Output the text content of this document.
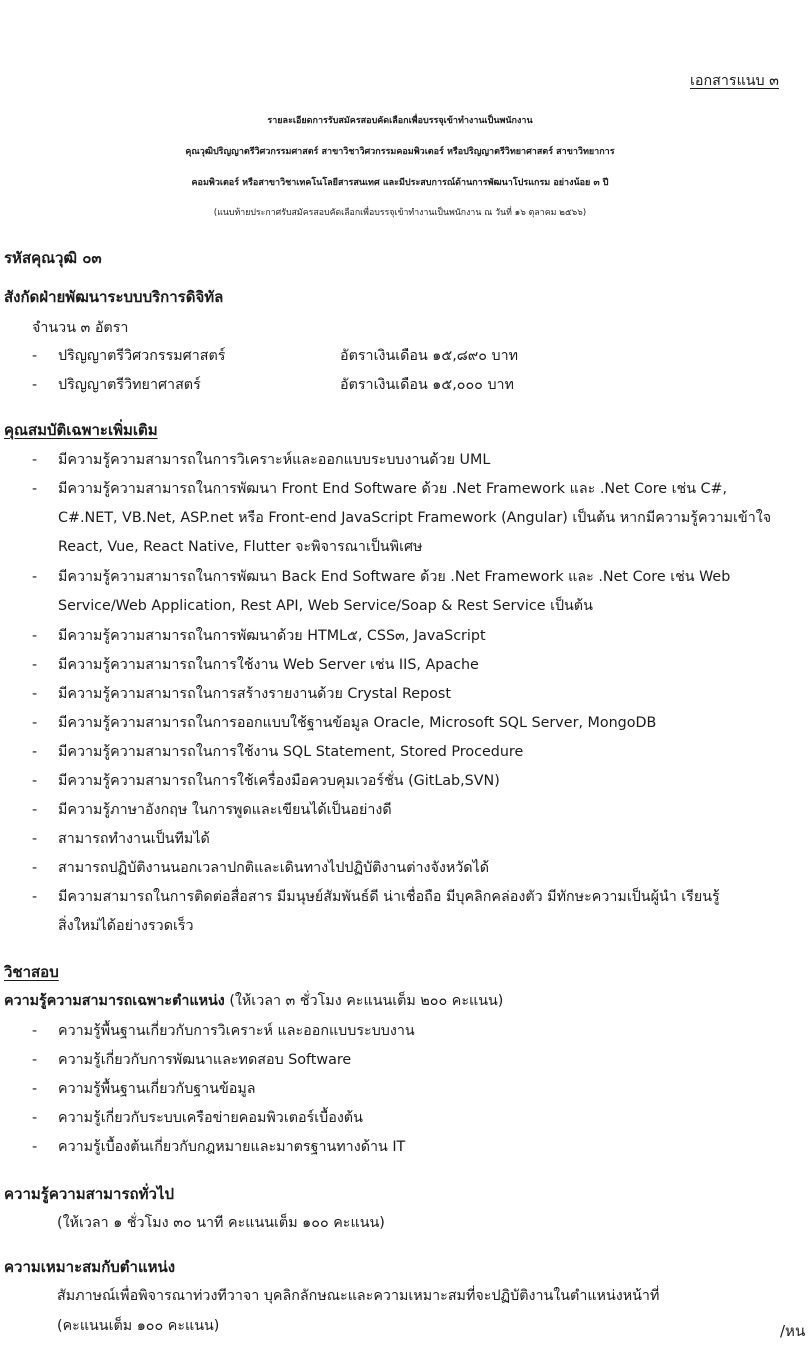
เอกสารแนบ ๓
รายละเอียดการรับสมัครสอบคัดเลือกเพื่อบรรจุเข้าทำงานเป็นพนักงาน
คุณวุฒิปริญญาตรีวิศวกรรมศาสตร์ สาขาวิชาวิศวกรรมคอมพิวเตอร์ หรือปริญญาตรีวิทยาศาสตร์ สาขาวิทยาการ
คอมพิวเตอร์ หรือสาขาวิชาเทคโนโลยีสารสนเทศ และมีประสบการณ์ด้านการพัฒนาโปรแกรม อย่างน้อย ๓ ปี
(แนบท้ายประกาศรับสมัครสอบคัดเลือกเพื่อบรรจุเข้าทำงานเป็นพนักงาน ณ วันที่ ๑๖ ตุลาคม ๒๕๖๖)
รหัสคุณวุฒิ ๐๓
สังกัดฝ่ายพัฒนาระบบบริการดิจิทัล
จำนวน ๓ อัตรา
- ปริญญาตรีวิศวกรรมศาสตร์	อัตราเงินเดือน ๑๕,๘๙๐ บาท
- ปริญญาตรีวิทยาศาสตร์	อัตราเงินเดือน ๑๕,๐๐๐ บาท
คุณสมบัติเฉพาะเพิ่มเติม
- มีความรู้ความสามารถในการวิเคราะห์และออกแบบระบบงานด้วย UML
- มีความรู้ความสามารถในการพัฒนา Front End Software ด้วย .Net Framework และ .Net Core เช่น C#,
C#.NET, VB.Net, ASP.net หรือ Front-end JavaScript Framework (Angular) เป็นต้น หากมีความรู้ความเข้าใจ
React, Vue, React Native, Flutter จะพิจารณาเป็นพิเศษ
- มีความรู้ความสามารถในการพัฒนา Back End Software ด้วย .Net Framework และ .Net Core เช่น Web
Service/Web Application, Rest API, Web Service/Soap & Rest Service เป็นต้น
- มีความรู้ความสามารถในการพัฒนาด้วย HTML๕, CSS๓, JavaScript
- มีความรู้ความสามารถในการใช้งาน Web Server เช่น IIS, Apache
- มีความรู้ความสามารถในการสร้างรายงานด้วย Crystal Repost
- มีความรู้ความสามารถในการออกแบบใช้ฐานข้อมูล Oracle, Microsoft SQL Server, MongoDB
- มีความรู้ความสามารถในการใช้งาน SQL Statement, Stored Procedure
- มีความรู้ความสามารถในการใช้เครื่องมือควบคุมเวอร์ชั่น (GitLab,SVN)
- มีความรู้ภาษาอังกฤษ ในการพูดและเขียนได้เป็นอย่างดี
- สามารถทำงานเป็นทีมได้
- สามารถปฏิบัติงานนอกเวลาปกติและเดินทางไปปฏิบัติงานต่างจังหวัดได้
- มีความสามารถในการติดต่อสื่อสาร มีมนุษย์สัมพันธ์ดี น่าเชื่อถือ มีบุคลิกคล่องตัว มีทักษะความเป็นผู้นำ เรียนรู้
สิ่งใหม่ได้อย่างรวดเร็ว
วิชาสอบ
ความรู้ความสามารถเฉพาะตำแหน่ง (ให้เวลา ๓ ชั่วโมง คะแนนเต็ม ๒๐๐ คะแนน)
- ความรู้พื้นฐานเกี่ยวกับการวิเคราะห์ และออกแบบระบบงาน
- ความรู้เกี่ยวกับการพัฒนาและทดสอบ Software
- ความรู้พื้นฐานเกี่ยวกับฐานข้อมูล
- ความรู้เกี่ยวกับระบบเครือข่ายคอมพิวเตอร์เบื้องต้น
- ความรู้เบื้องต้นเกี่ยวกับกฎหมายและมาตรฐานทางด้าน IT
ความรู้ความสามารถทั่วไป
(ให้เวลา ๑ ชั่วโมง ๓๐ นาที คะแนนเต็ม ๑๐๐ คะแนน)
ความเหมาะสมกับตำแหน่ง
สัมภาษณ์เพื่อพิจารณาท่วงทีวาจา บุคลิกลักษณะและความเหมาะสมที่จะปฏิบัติงานในตำแหน่งหน้าที่
(คะแนนเต็ม ๑๐๐ คะแนน)	/หน
